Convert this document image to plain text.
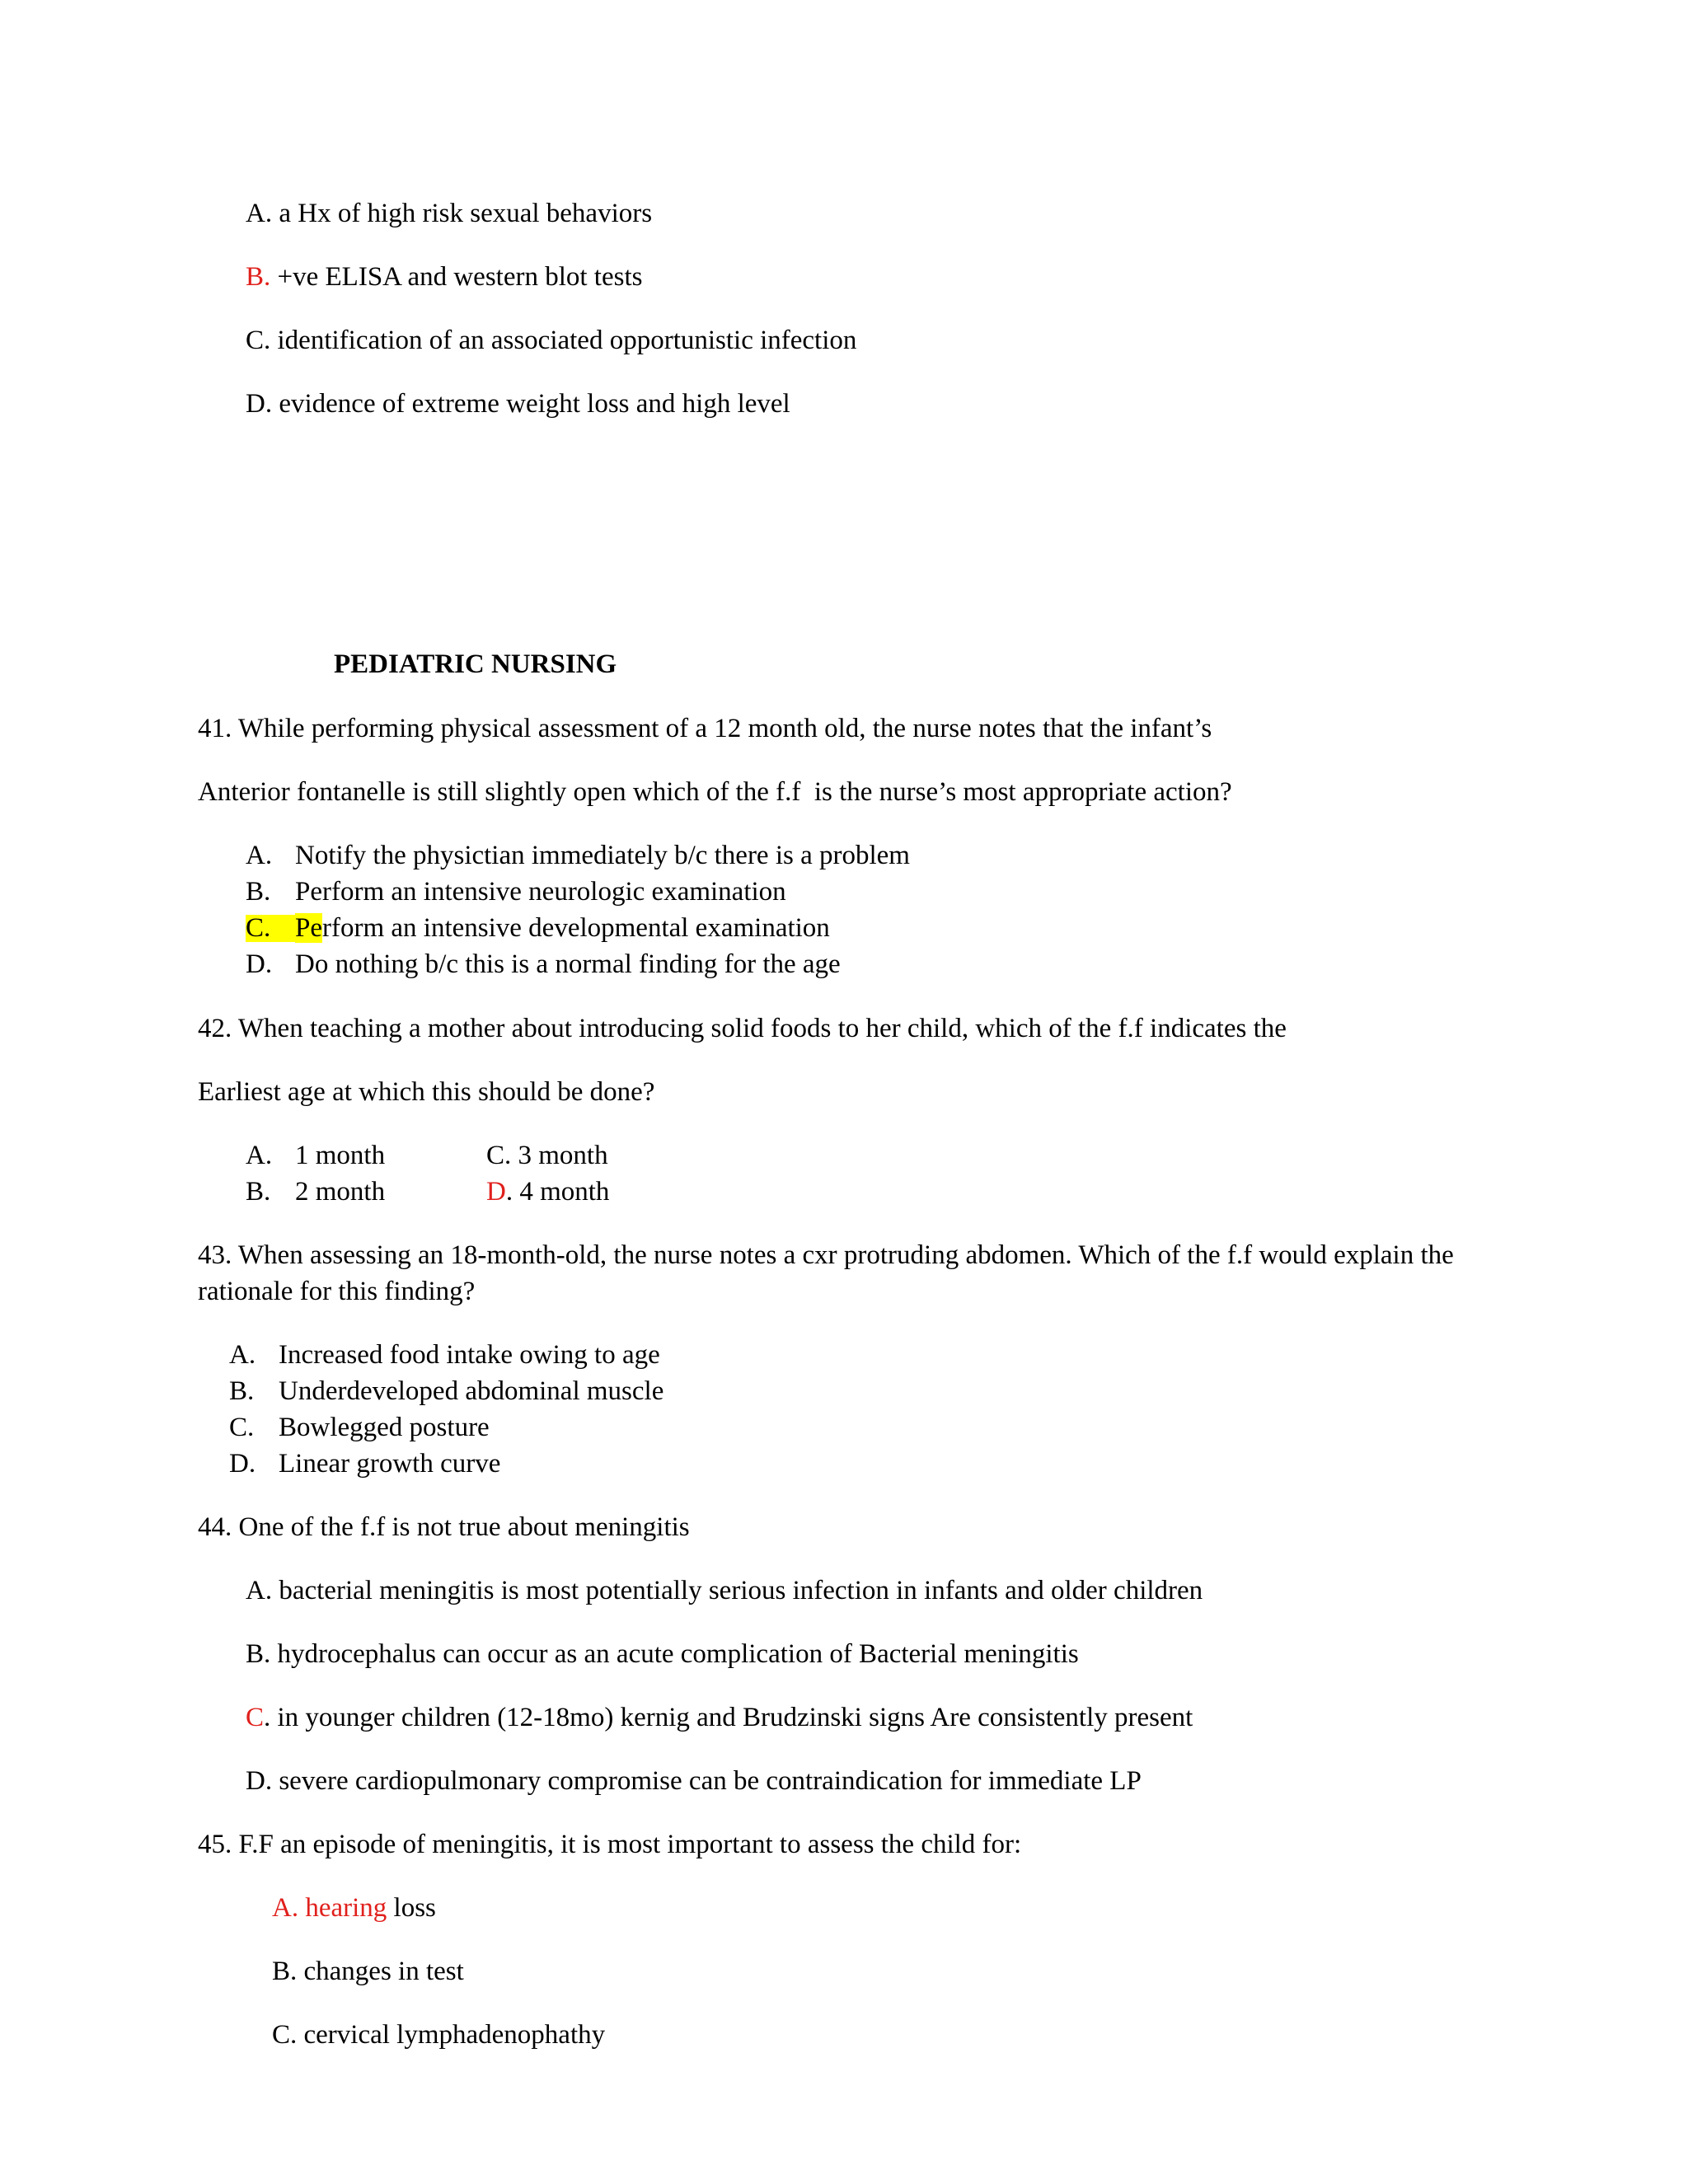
A. a Hx of high risk sexual behaviors
B. +ve ELISA and western blot tests
C. identification of an associated opportunistic infection
D. evidence of extreme weight loss and high level
PEDIATRIC NURSING
41. While performing physical assessment of a 12 month old, the nurse notes that the infant’s
Anterior fontanelle is still slightly open which of the f.f  is the nurse’s most appropriate action?
A. Notify the physictian immediately b/c there is a problem
B. Perform an intensive neurologic examination
C. Perform an intensive developmental examination
D. Do nothing b/c this is a normal finding for the age
42. When teaching a mother about introducing solid foods to her child, which of the f.f indicates the
Earliest age at which this should be done?
A. 1 month
B. 2 month
C. 3 month
D. 4 month
43. When assessing an 18-month-old, the nurse notes a cxr protruding abdomen. Which of the f.f would explain the
rationale for this finding?
A. Increased food intake owing to age
B. Underdeveloped abdominal muscle
C. Bowlegged posture
D. Linear growth curve
44. One of the f.f is not true about meningitis
A. bacterial meningitis is most potentially serious infection in infants and older children
B. hydrocephalus can occur as an acute complication of Bacterial meningitis
C. in younger children (12-18mo) kernig and Brudzinski signs Are consistently present
D. severe cardiopulmonary compromise can be contraindication for immediate LP
45. F.F an episode of meningitis, it is most important to assess the child for:
A. hearing loss
B. changes in test
C. cervical lymphadenophathy
